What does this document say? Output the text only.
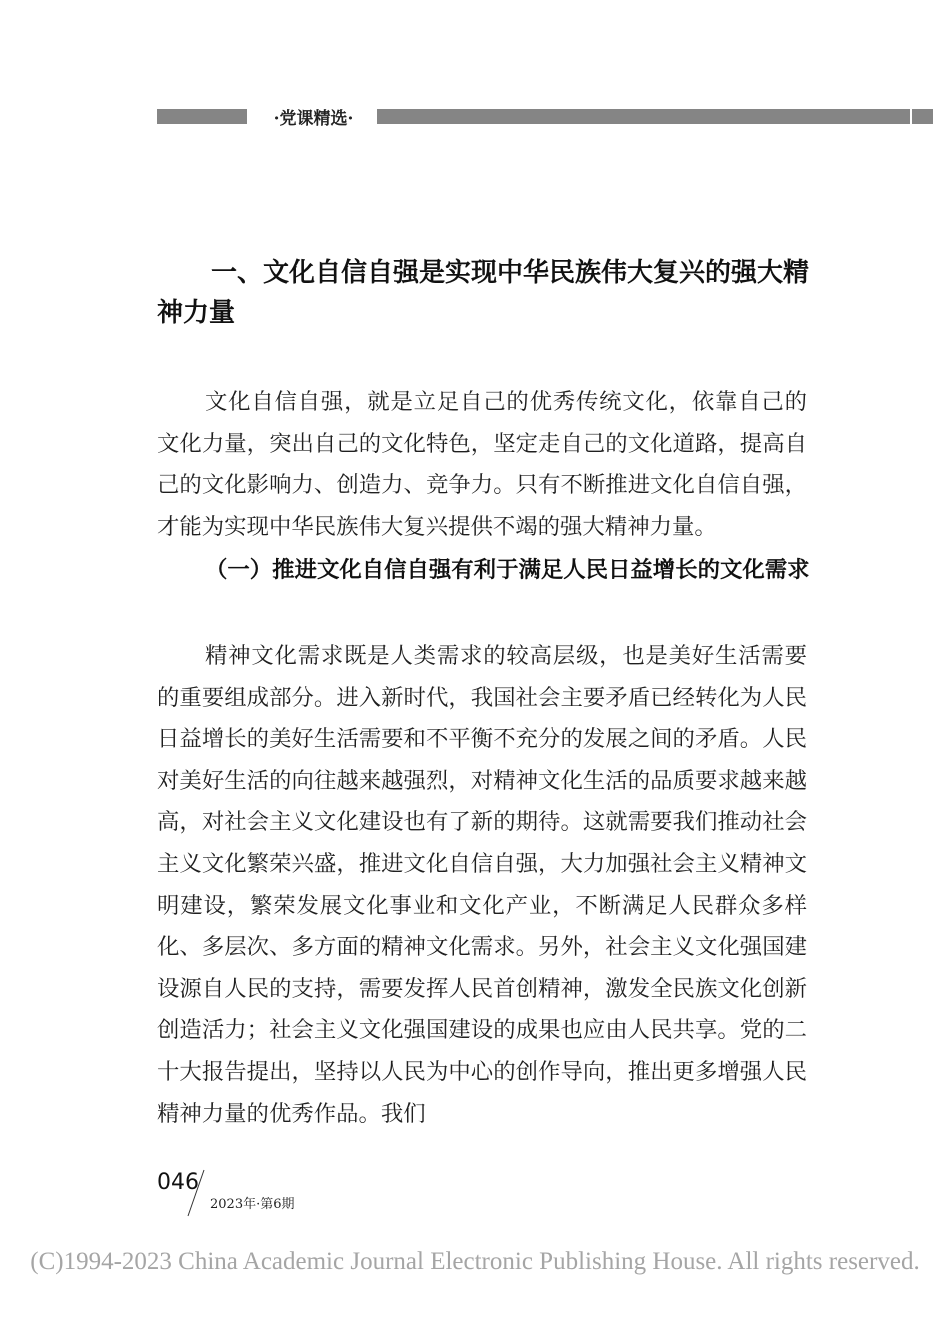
·党课精选·
一、文化自信自强是实现中华民族伟大复兴的强大精神力量
文化自信自强，就是立足自己的优秀传统文化，依靠自己的文化力量，突出自己的文化特色，坚定走自己的文化道路，提高自己的文化影响力、创造力、竞争力。只有不断推进文化自信自强，才能为实现中华民族伟大复兴提供不竭的强大精神力量。
（一）推进文化自信自强有利于满足人民日益增长的文化需求
精神文化需求既是人类需求的较高层级，也是美好生活需要的重要组成部分。进入新时代，我国社会主要矛盾已经转化为人民日益增长的美好生活需要和不平衡不充分的发展之间的矛盾。人民对美好生活的向往越来越强烈，对精神文化生活的品质要求越来越高，对社会主义文化建设也有了新的期待。这就需要我们推动社会主义文化繁荣兴盛，推进文化自信自强，大力加强社会主义精神文明建设，繁荣发展文化事业和文化产业，不断满足人民群众多样化、多层次、多方面的精神文化需求。另外，社会主义文化强国建设源自人民的支持，需要发挥人民首创精神，激发全民族文化创新创造活力；社会主义文化强国建设的成果也应由人民共享。党的二十大报告提出，坚持以人民为中心的创作导向，推出更多增强人民精神力量的优秀作品。我们
046
2023年·第6期
(C)1994-2023 China Academic Journal Electronic Publishing House. All rights reserved.
